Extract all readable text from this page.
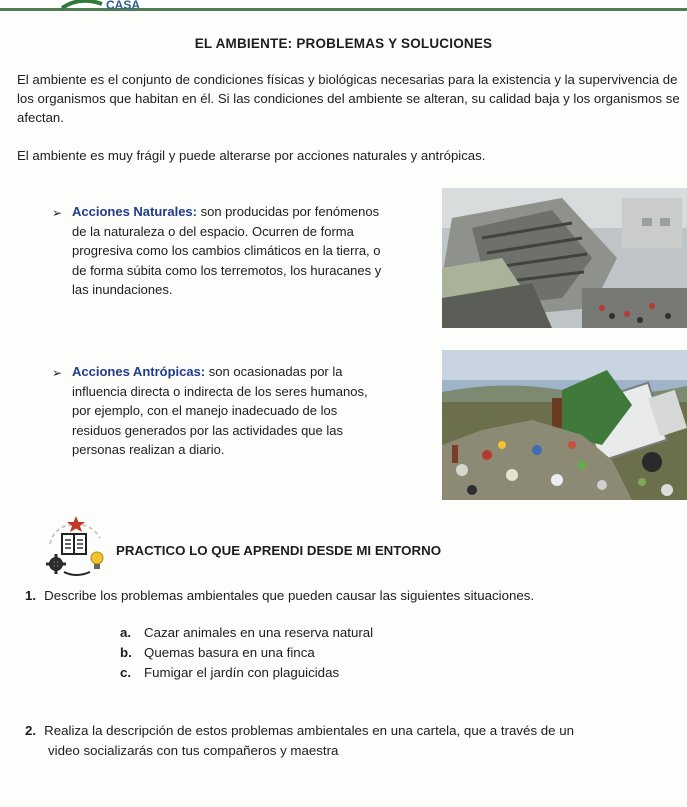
CASA
EL AMBIENTE: PROBLEMAS Y SOLUCIONES

El ambiente es el conjunto de condiciones físicas y biológicas necesarias para la existencia y la supervivencia de los organismos que habitan en él. Si las condiciones del ambiente se alteran, su calidad baja y los organismos se afectan.

El ambiente es muy frágil y puede alterarse por acciones naturales y antrópicas.

➢ Acciones Naturales: son producidas por fenómenos
de la naturaleza o del espacio. Ocurren de forma
progresiva como los cambios climáticos en la tierra, o
de forma súbita como los terremotos, los huracanes y
las inundaciones.
➢ Acciones Antrópicas: son ocasionadas por la
influencia directa o indirecta de los seres humanos,
por ejemplo, con el manejo inadecuado de los
residuos generados por las actividades que las
personas realizan a diario.
PRACTICO LO QUE APRENDI DESDE MI ENTORNO
1. Describe los problemas ambientales que pueden causar las siguientes situaciones.
a. Cazar animales en una reserva natural
b. Quemas basura en una finca
c. Fumigar el jardín con plaguicidas
2. Realiza la descripción de estos problemas ambientales en una cartela, que a través de un
video socializarás con tus compañeros y maestra
